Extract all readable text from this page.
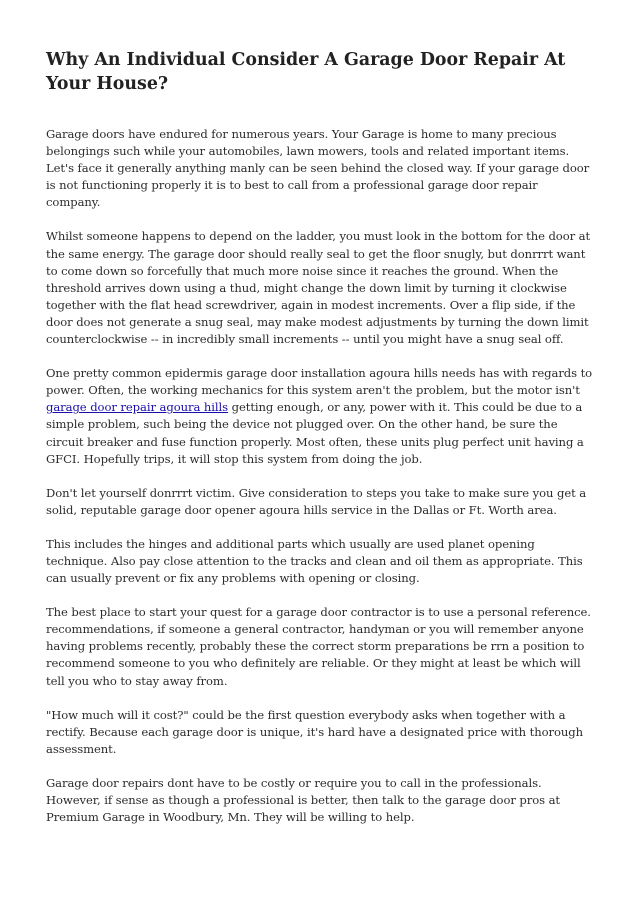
Why An Individual Consider A Garage Door Repair At Your House?

Garage doors have endured for numerous years. Your Garage is home to many precious belongings such while your automobiles, lawn mowers, tools and related important items. Let's face it generally anything manly can be seen behind the closed way. If your garage door is not functioning properly it is to best to call from a professional garage door repair company.

Whilst someone happens to depend on the ladder, you must look in the bottom for the door at the same energy. The garage door should really seal to get the floor snugly, but donrrrt want to come down so forcefully that much more noise since it reaches the ground. When the threshold arrives down using a thud, might change the down limit by turning it clockwise together with the flat head screwdriver, again in modest increments. Over a flip side, if the door does not generate a snug seal, may make modest adjustments by turning the down limit counterclockwise -- in incredibly small increments -- until you might have a snug seal off.

One pretty common epidermis garage door installation agoura hills needs has with regards to power. Often, the working mechanics for this system aren't the problem, but the motor isn't garage door repair agoura hills getting enough, or any, power with it. This could be due to a simple problem, such being the device not plugged over. On the other hand, be sure the circuit breaker and fuse function properly. Most often, these units plug perfect unit having a GFCI. Hopefully trips, it will stop this system from doing the job.

Don't let yourself donrrrt victim. Give consideration to steps you take to make sure you get a solid, reputable garage door opener agoura hills service in the Dallas or Ft. Worth area.

This includes the hinges and additional parts which usually are used planet opening technique. Also pay close attention to the tracks and clean and oil them as appropriate. This can usually prevent or fix any problems with opening or closing.

The best place to start your quest for a garage door contractor is to use a personal reference. recommendations, if someone a general contractor, handyman or you will remember anyone having problems recently, probably these the correct storm preparations be rrn a position to recommend someone to you who definitely are reliable. Or they might at least be which will tell you who to stay away from.

"How much will it cost?" could be the first question everybody asks when together with a rectify. Because each garage door is unique, it's hard have a designated price with thorough assessment.

Garage door repairs dont have to be costly or require you to call in the professionals. However, if sense as though a professional is better, then talk to the garage door pros at Premium Garage in Woodbury, Mn. They will be willing to help.
